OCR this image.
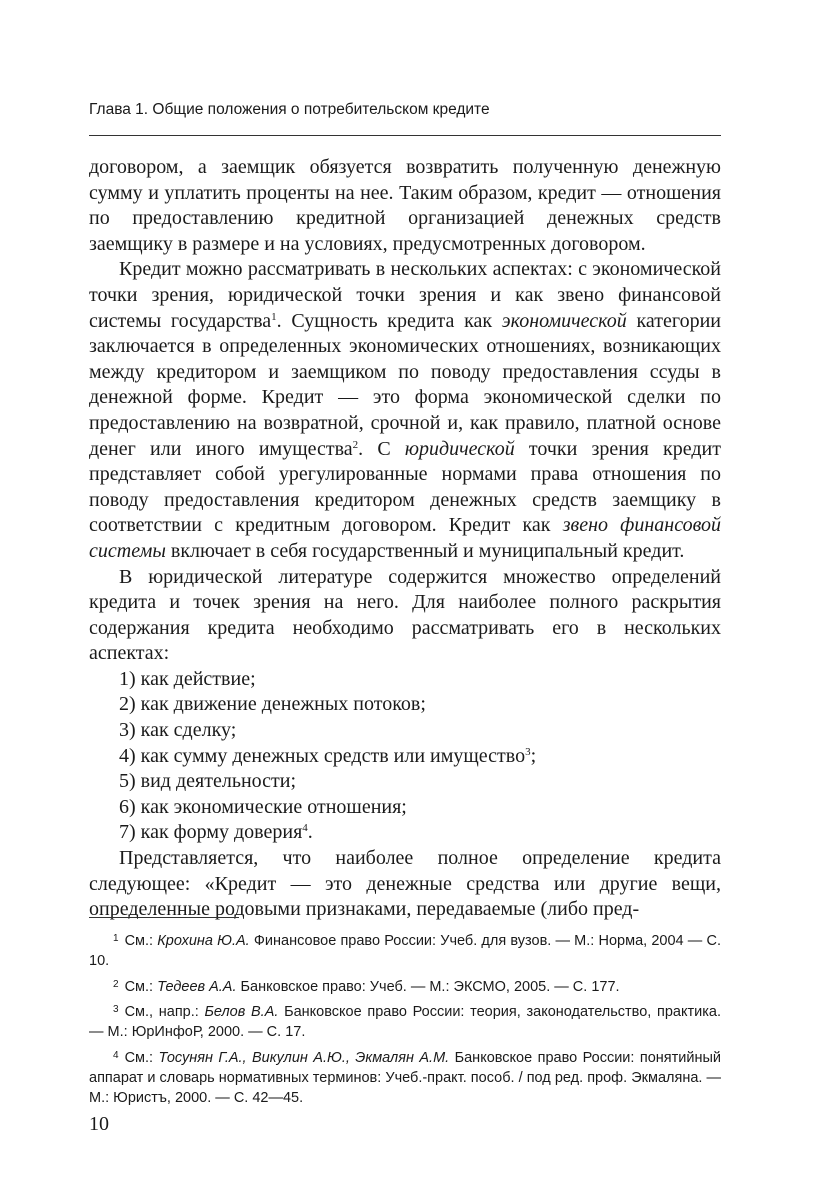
Глава 1. Общие положения о потребительском кредите

договором, а заемщик обязуется возвратить полученную денежную сумму и уплатить проценты на нее. Таким образом, кредит — отношения по предоставлению кредитной организацией денежных средств заемщику в размере и на условиях, предусмотренных договором.

Кредит можно рассматривать в нескольких аспектах: с экономической точки зрения, юридической точки зрения и как звено финансовой системы государства$^1$. Сущность кредита как экономической категории заключается в определенных экономических отношениях, возникающих между кредитором и заемщиком по поводу предоставления ссуды в денежной форме. Кредит — это форма экономической сделки по предоставлению на возвратной, срочной и, как правило, платной основе денег или иного имущества$^2$. С юридической точки зрения кредит представляет собой урегулированные нормами права отношения по поводу предоставления кредитором денежных средств заемщику в соответствии с кредитным договором. Кредит как звено финансовой системы включает в себя государственный и муниципальный кредит.

В юридической литературе содержится множество определений кредита и точек зрения на него. Для наиболее полного раскрытия содержания кредита необходимо рассматривать его в нескольких аспектах:

1) как действие;
2) как движение денежных потоков;
3) как сделку;
4) как сумму денежных средств или имущество$^3$;
5) вид деятельности;
6) как экономические отношения;
7) как форму доверия$^4$.

Представляется, что наиболее полное определение кредита следующее: «Кредит — это денежные средства или другие вещи, определенные родовыми признаками, передаваемые (либо пред-

$^1$ См.: Крохина Ю.А. Финансовое право России: Учеб. для вузов. — М.: Норма, 2004 — С. 10.

$^2$ См.: Тедеев А.А. Банковское право: Учеб. — М.: ЭКСМО, 2005. — С. 177.

$^3$ См., напр.: Белов В.А. Банковское право России: теория, законодательство, практика. — М.: ЮрИнфоР, 2000. — С. 17.

$^4$ См.: Тосунян Г.А., Викулин А.Ю., Экмалян А.М. Банковское право России: понятийный аппарат и словарь нормативных терминов: Учеб.-практ. пособ. / под ред. проф. Экмаляна. — М.: Юристъ, 2000. — С. 42—45.

10
